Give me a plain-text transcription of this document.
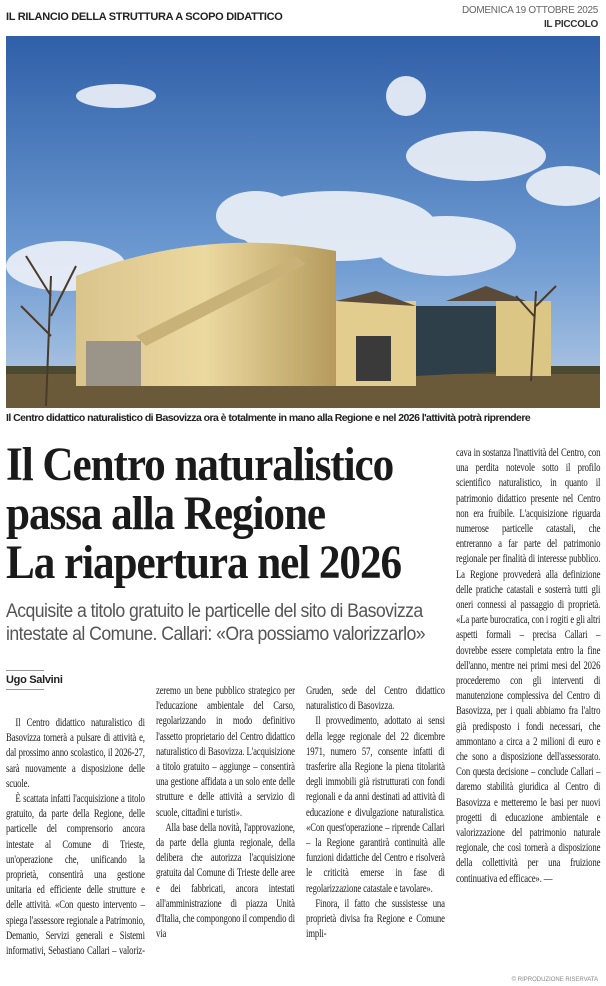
IL RILANCIO DELLA STRUTTURA A SCOPO DIDATTICO
DOMENICA 19 OTTOBRE 2025
IL PICCOLO
Il Centro didattico naturalistico di Basovizza ora è totalmente in mano alla Regione e nel 2026 l'attività potrà riprendere
Il Centro naturalistico
passa alla Regione
La riapertura nel 2026
Acquisite a titolo gratuito le particelle del sito di Basovizza intestate al Comune. Callari: «Ora possiamo valorizzarlo»
Ugo Salvini

Il Centro didattico naturalistico di Basovizza tornerà a pulsare di attività e, dal prossimo anno scolastico, il 2026-27, sarà nuovamente a disposizione delle scuole.

È scattata infatti l'acquisizione a titolo gratuito, da parte della Regione, delle particelle del comprensorio ancora intestate al Comune di Trieste, un'operazione che, unificando la proprietà, consentirà una gestione unitaria ed efficiente delle strutture e delle attività. «Con questo intervento – spiega l'assessore regionale a Patrimonio, Demanio, Servizi generali e Sistemi informativi, Sebastiano Callari – valoriz-

zeremo un bene pubblico strategico per l'educazione ambientale del Carso, regolarizzando in modo definitivo l'assetto proprietario del Centro didattico naturalistico di Basovizza. L'acquisizione a titolo gratuito – aggiunge – consentirà una gestione affidata a un solo ente delle strutture e delle attività a servizio di scuole, cittadini e turisti».

Alla base della novità, l'approvazione, da parte della giunta regionale, della delibera che autorizza l'acquisizione gratuita dal Comune di Trieste delle aree e dei fabbricati, ancora intestati all'amministrazione di piazza Unità d'Italia, che compongono il compendio di via

Gruden, sede del Centro didattico naturalistico di Basovizza.

Il provvedimento, adottato ai sensi della legge regionale del 22 dicembre 1971, numero 57, consente infatti di trasferire alla Regione la piena titolarità degli immobili già ristrutturati con fondi regionali e da anni destinati ad attività di educazione e divulgazione naturalistica. «Con quest'operazione – riprende Callari – la Regione garantirà continuità alle funzioni didattiche del Centro e risolverà le criticità emerse in fase di regolarizzazione catastale e tavolare».

Finora, il fatto che sussistesse una proprietà divisa fra Regione e Comune impli-

cava in sostanza l'inattività del Centro, con una perdita notevole sotto il profilo scientifico naturalistico, in quanto il patrimonio didattico presente nel Centro non era fruibile. L'acquisizione riguarda numerose particelle catastali, che entreranno a far parte del patrimonio regionale per finalità di interesse pubblico. La Regione provvederà alla definizione delle pratiche catastali e sosterrà tutti gli oneri connessi al passaggio di proprietà. «La parte burocratica, con i rogiti e gli altri aspetti formali – precisa Callari – dovrebbe essere completata entro la fine dell'anno, mentre nei primi mesi del 2026 procederemo con gli interventi di manutenzione complessiva del Centro di Basovizza, per i quali abbiamo fra l'altro già predisposto i fondi necessari, che ammontano a circa a 2 milioni di euro e che sono a disposizione dell'assessorato. Con questa decisione – conclude Callari – daremo stabilità giuridica al Centro di Basovizza e metteremo le basi per nuovi progetti di educazione ambientale e valorizzazione del patrimonio naturale regionale, che così tornerà a disposizione della collettività per una fruizione continuativa ed efficace». —

© RIPRODUZIONE RISERVATA
